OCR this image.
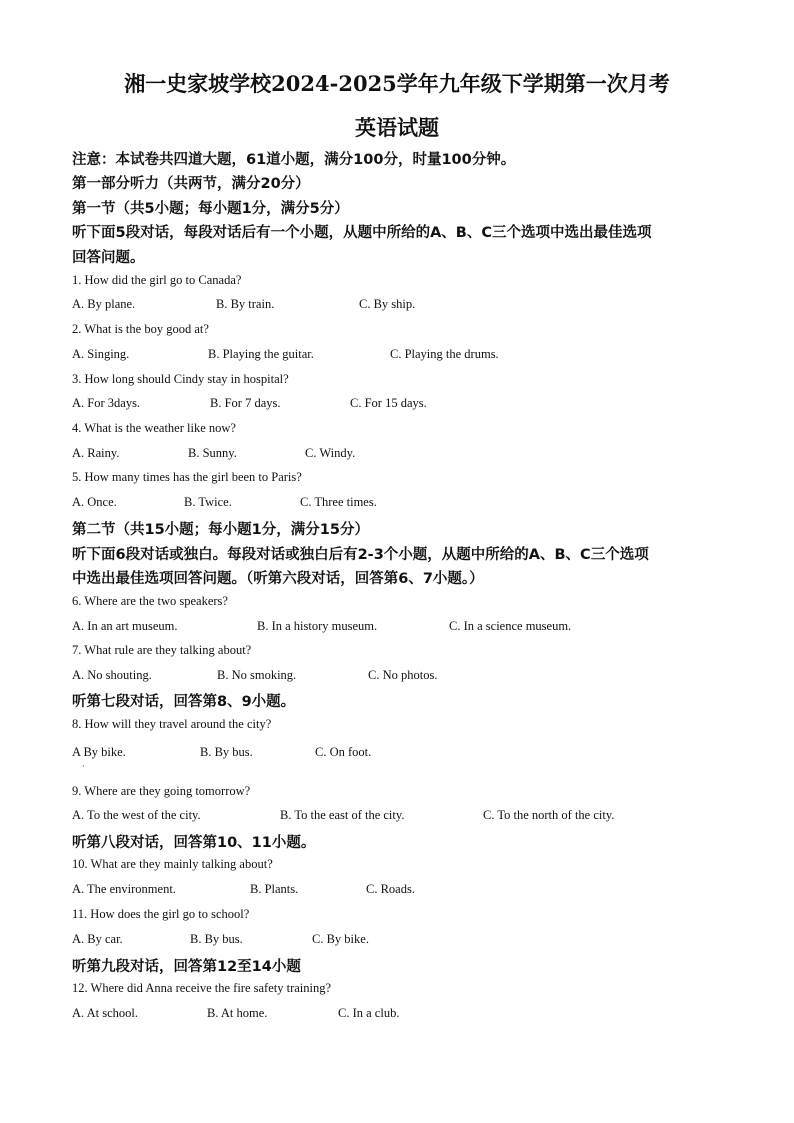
湘一史家坡学校2024-2025学年九年级下学期第一次月考
英语试题
注意：本试卷共四道大题，61道小题，满分100分，时量100分钟。
第一部分听力（共两节，满分20分）
第一节（共5小题；每小题1分，满分5分）
听下面5段对话，每段对话后有一个小题，从题中所给的A、B、C三个选项中选出最佳选项
回答问题。
1. How did the girl go to Canada?
A. By plane.	B. By train.	C. By ship.
2. What is the boy good at?
A. Singing.	B. Playing the guitar.	C. Playing the drums.
3. How long should Cindy stay in hospital?
A. For 3days.	B. For 7 days.	C. For 15 days.
4. What is the weather like now?
A. Rainy.	B. Sunny.	C. Windy.
5. How many times has the girl been to Paris?
A. Once.	B. Twice.	C. Three times.
第二节（共15小题；每小题1分，满分15分）
听下面6段对话或独白。每段对话或独白后有2-3个小题，从题中所给的A、B、C三个选项
中选出最佳选项回答问题。（听第六段对话，回答第6、7小题。）
6. Where are the two speakers?
A. In an art museum.	B. In a history museum.	C. In a science museum.
7. What rule are they talking about?
A. No shouting.	B. No smoking.	C. No photos.
听第七段对话，回答第8、9小题。
8. How will they travel around the city?
A By bike.	B. By bus.	C. On foot.
·
9. Where are they going tomorrow?
A. To the west of the city.	B. To the east of the city.	C. To the north of the city.
听第八段对话，回答第10、11小题。
10. What are they mainly talking about?
A. The environment.	B. Plants.	C. Roads.
11. How does the girl go to school?
A. By car.	B. By bus.	C. By bike.
听第九段对话，回答第12至14小题
12. Where did Anna receive the fire safety training?
A. At school.	B. At home.	C. In a club.
